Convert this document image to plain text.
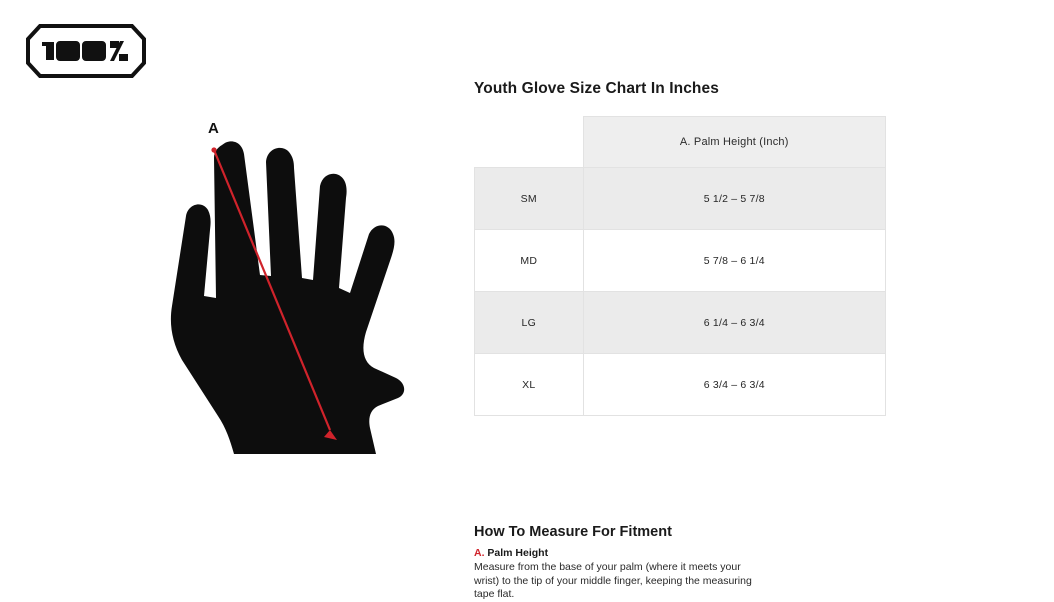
A
Youth Glove Size Chart In Inches
	A. Palm Height (Inch)
SM	5 1/2 – 5 7/8
MD	5 7/8 – 6 1/4
LG	6 1/4 – 6 3/4
XL	6 3/4 – 6 3/4
How To Measure For Fitment

A. Palm Height

Measure from the base of your palm (where it meets your wrist) to the tip of your middle finger, keeping the measuring tape flat.
